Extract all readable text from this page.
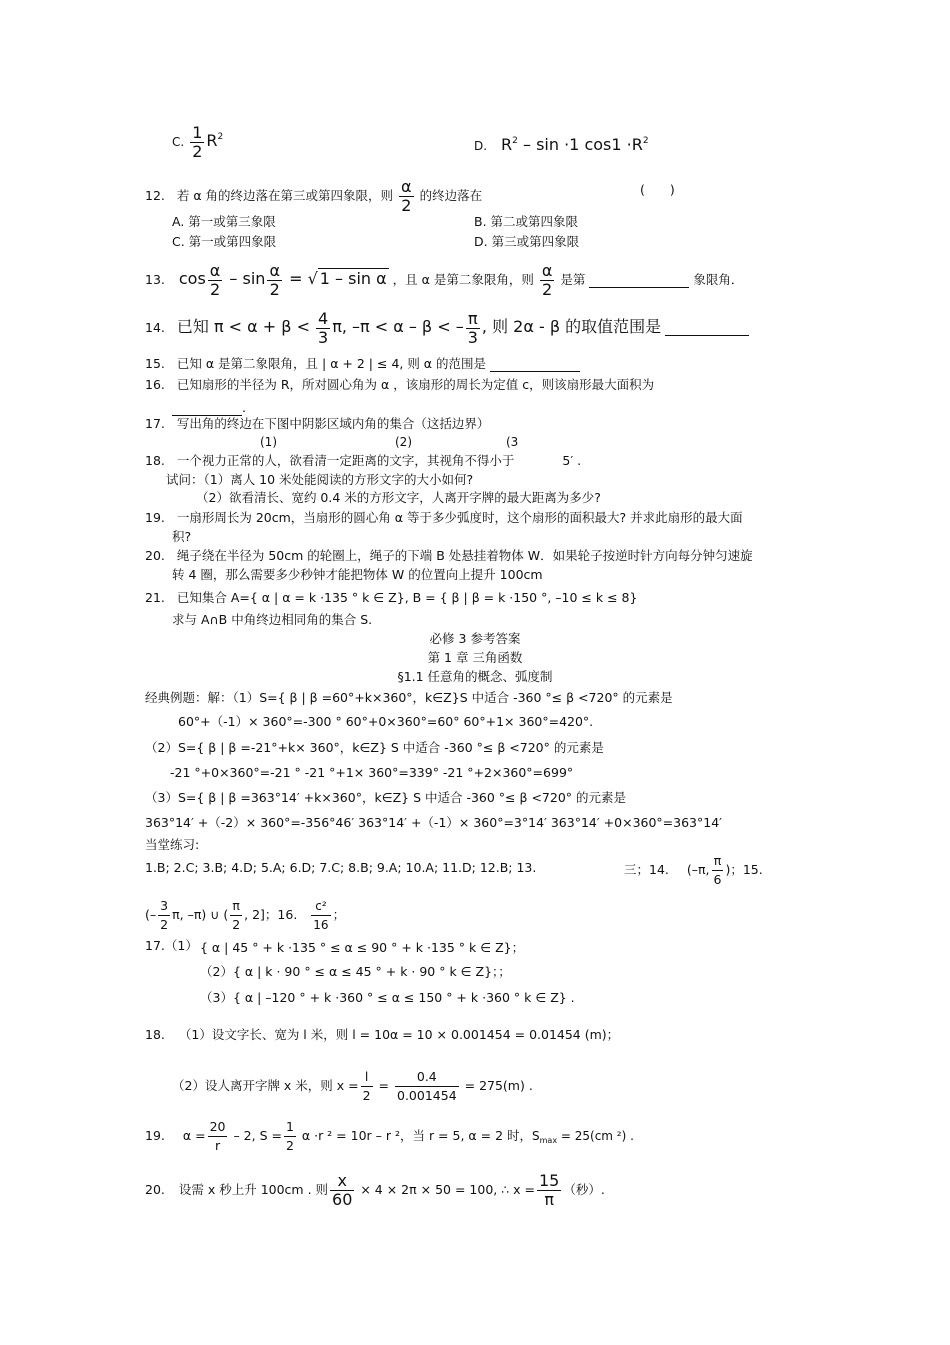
C. $\frac{1}{2} R^2$
D. $R^2 - \sin \cdot 1$ $\cos 1 \cdot R^2$
12. 若 α 角的终边落在第三或第四象限，则 $\frac{\alpha}{2}$ 的终边落在	(　　)
A. 第一或第三象限	B. 第二或第四象限
C. 第一或第四象限	D. 第三或第四象限
13. $\cos \frac{\alpha}{2}$ – $\sin \frac{\alpha}{2}$ = √ 1 – sin α ，且 α 是第二象限角，则 $\frac{\alpha}{2}$ 是第	象限角．
14. 已知 $\pi < \alpha + \beta < \frac{4}{3} \pi$, –π < α – β < – $\frac{\pi}{3}$ , 则 2α - β 的取值范围是
15. 已知 α 是第二象限角，且 | α + 2 | ≤ 4, 则 α 的范围是
16. 已知扇形的半径为 R，所对圆心角为 α ，该扇形的周长为定值 c，则该扇形最大面积为
.
17. 写出角的终边在下图中阴影区域内角的集合（这括边界）
(1)	(2)	(3
18. 一个视力正常的人，欲看清一定距离的文字，其视角不得小于	5′ .
试问：（1）离人 10 米处能阅读的方形文字的大小如何?
（2）欲看清长、宽约 0.4 米的方形文字，人离开字牌的最大距离为多少?
19. 一扇形周长为 20cm，当扇形的圆心角 α 等于多少弧度时，这个扇形的面积最大? 并求此扇形的最大面
积?
20. 绳子绕在半径为 50cm 的轮圈上，绳子的下端 B 处悬挂着物体 W．如果轮子按逆时针方向每分钟匀速旋
转 4 圈，那么需要多少秒钟才能把物体 W 的位置向上提升 100cm
21. 已知集合 A={ α | α = k ·135 ° k ∈ Z}, B = { β | β = k ·150 °, –10 ≤ k ≤ 8}
求与 A∩B 中角终边相同角的集合 S.
必修 3 参考答案
第 1 章 三角函数
§1.1 任意角的概念、弧度制
经典例题：解：（1）S={ β | β =60°+k×360°，k∈Z}S 中适合 -360 °≤ β <720° 的元素是
60°+（-1）× 360°=-300 ° 60°+0×360°=60° 60°+1× 360°=420°.
（2）S={ β | β =-21°+k× 360°，k∈Z} S 中适合 -360 °≤ β <720° 的元素是
-21 °+0×360°=-21 ° -21 °+1× 360°=339° -21 °+2×360°=699°
（3）S={ β | β =363°14′ +k×360°，k∈Z} S 中适合 -360 °≤ β <720° 的元素是
363°14′ +（-2）× 360°=-356°46′ 363°14′ +（-1）× 360°=3°14′ 363°14′ +0×360°=363°14′
当堂练习:
1.B; 2.C; 3.B; 4.D; 5.A; 6.D; 7.C; 8.B; 9.A; 10.A; 11.D; 12.B; 13.	三；14. (–π, $\frac{\pi}{6}$ )；15.
(– $\frac{3}{2} \pi$, –π) ∪ ( $\frac{\pi}{2}$ , 2]；16. $\frac{\text{c²}}{16}$ ；
17.（1） { α | 45 ° + k ·135 ° ≤ α ≤ 90 ° + k ·135 ° k ∈ Z}；
（2）{ α | k · 90 ° ≤ α ≤ 45 ° + k · 90 ° k ∈ Z}；；
（3）{ α | –120 ° + k ·360 ° ≤ α ≤ 150 ° + k ·360 ° k ∈ Z} .
18. （1）设文字长、宽为 l 米，则 l = 10α = 10 × 0.001454 = 0.01454 (m)；
（2）设人离开字牌 x 米，则 $x = \frac{l}{2} = \frac{0.4}{0.001454} = 275(m)$ .
19. $\alpha = \frac{20}{r} - 2$, $S = \frac{1}{2}$ α ·r ² = 10r – r ²，当 r = 5, α = 2 时，$S_{max} = 25(cm$ ²) .
20. 设需 x 秒上升 100cm . 则 $\frac{x}{60} \times 4 \times 2\pi \times 50 = 100$, ∴ $x = \frac{15}{\pi}$ （秒）.
